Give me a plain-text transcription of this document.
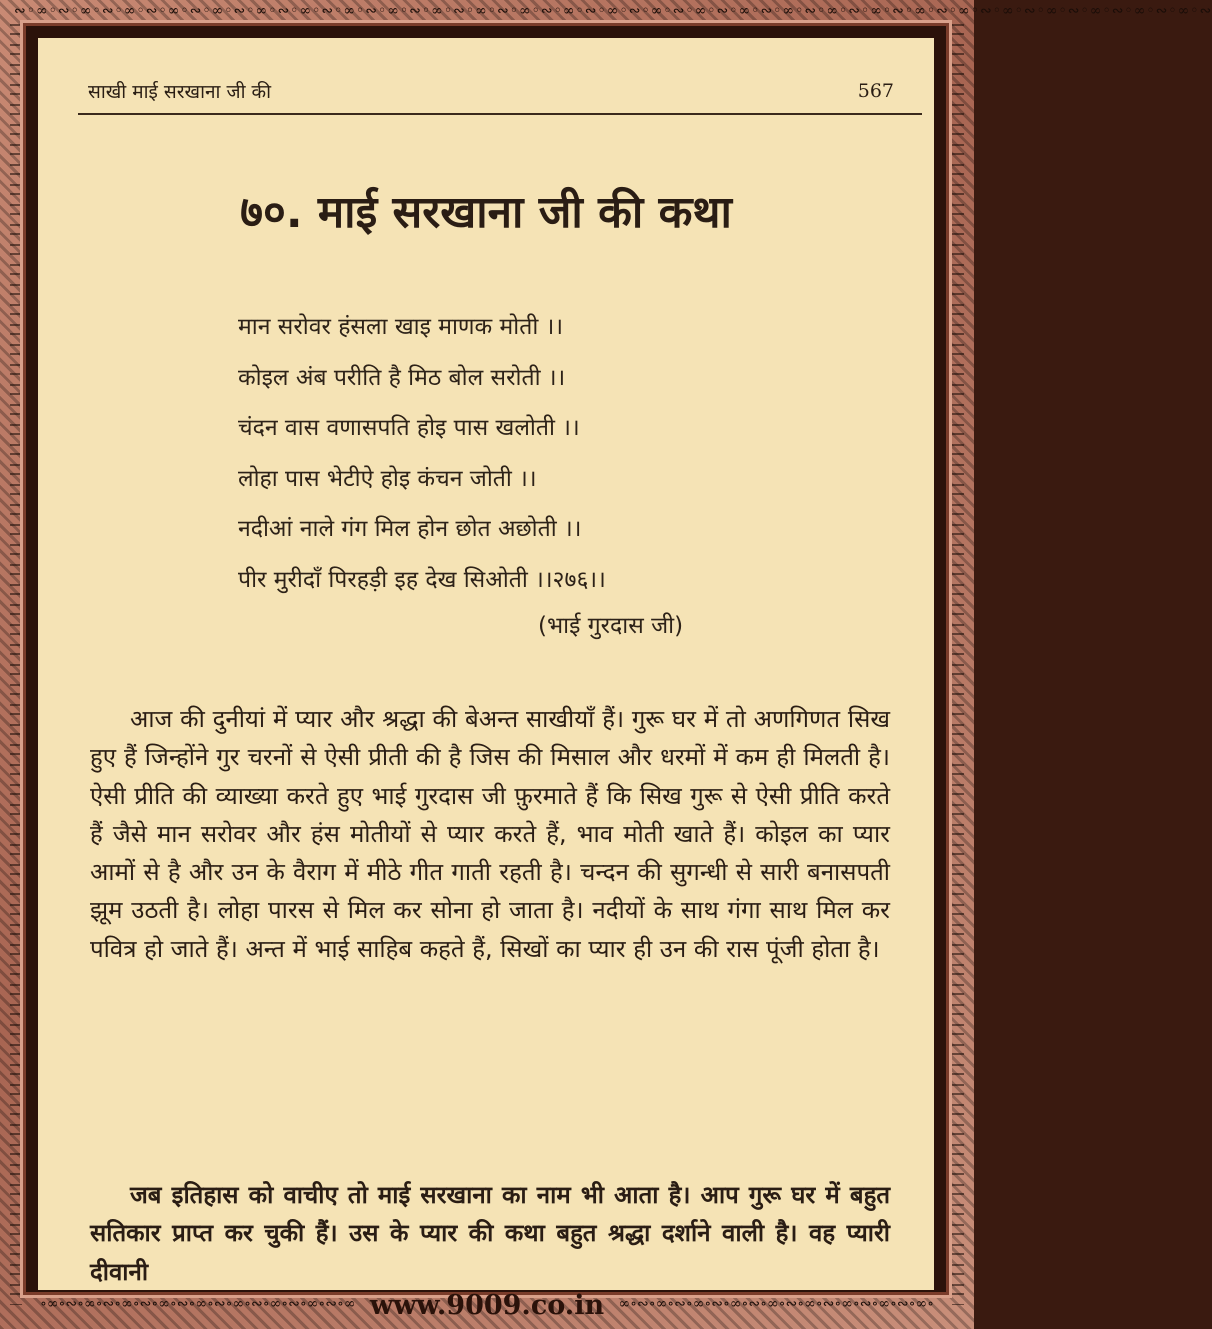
∾◦∞◦∾◦∞◦∾◦∞◦∾◦∞◦∾◦∞◦∾◦∞◦∾◦∞◦∾◦∞◦∾◦∞◦∾◦∞◦∾◦∞◦∾◦∞◦∾◦∞◦∾◦∞◦∾◦∞◦∾◦∞◦∾◦∞◦∾◦∞◦∾◦∞◦∾◦∞◦∾◦∞◦∾◦∞◦∾◦∞◦∾◦∞◦∾◦∞◦∾◦∞◦∾◦∞◦∾
साखी माई सरखाना जी की	567
७०. माई सरखाना जी की कथा
मान सरोवर हंसला खाइ माणक मोती ।।
कोइल अंब परीति है मिठ बोल सरोती ।।
चंदन वास वणासपति होइ पास खलोती ।।
लोहा पास भेटीऐ होइ कंचन जोती ।।
नदीआं नाले गंग मिल होन छोत अछोती ।।
पीर मुरीदाँ पिरहड़ी इह देख सिओती ।।२७६।।
(भाई गुरदास जी)

आज की दुनीयां में प्यार और श्रद्धा की बेअन्त साखीयाँ हैं। गुरू घर में तो अणगिणत सिख हुए हैं जिन्होंने गुर चरनों से ऐसी प्रीती की है जिस की मिसाल और धरमों में कम ही मिलती है। ऐसी प्रीति की व्याख्या करते हुए भाई गुरदास जी फ़ुरमाते हैं कि सिख गुरू से ऐसी प्रीति करते हैं जैसे मान सरोवर और हंस मोतीयों से प्यार करते हैं, भाव मोती खाते हैं। कोइल का प्यार आमों से है और उन के वैराग में मीठे गीत गाती रहती है। चन्दन की सुगन्धी से सारी बनासपती झूम उठती है। लोहा पारस से मिल कर सोना हो जाता है। नदीयों के साथ गंगा साथ मिल कर पवित्र हो जाते हैं। अन्त में भाई साहिब कहते हैं, सिखों का प्यार ही उन की रास पूंजी होता है।

जब इतिहास को वाचीए तो माई सरखाना का नाम भी आता है। आप गुरू घर में बहुत सतिकार प्राप्त कर चुकी हैं। उस के प्यार की कथा बहुत श्रद्धा दर्शाने वाली है। वह प्यारी दीवानी

∘∞∘∾∘∞∘∾∘∞∘∾∘∞∘∾∘∞∘∾∘∞∘∾∘∞∘∾∘∞∘∾∘∞ www.9009.co.in	∞∘∾∘∞∘∾∘∞∘∾∘∞∘∾∘∞∘∾∘∞∘∾∘∞∘∾∘∞∘∾∘∞∘
